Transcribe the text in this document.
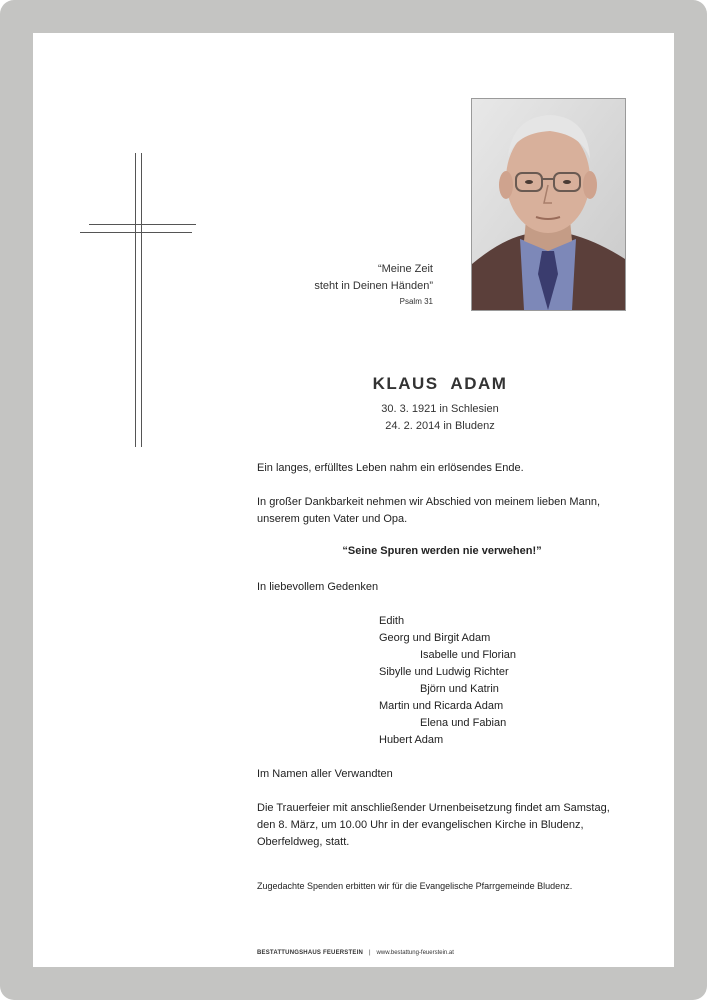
“Meine Zeit
steht in Deinen Händen”
Psalm 31
KLAUS  ADAM
30. 3. 1921 in Schlesien
24. 2. 2014 in Bludenz
Ein langes, erfülltes Leben nahm ein erlösendes Ende.
In großer Dankbarkeit nehmen wir Abschied von meinem lieben Mann,
unserem guten Vater und Opa.
“Seine Spuren werden nie verwehen!”
In liebevollem Gedenken
Edith
Georg und Birgit Adam
Isabelle und Florian
Sibylle und Ludwig Richter
Björn und Katrin
Martin und Ricarda Adam
Elena und Fabian
Hubert Adam
Im Namen aller Verwandten
Die Trauerfeier mit anschließender Urnenbeisetzung findet am Samstag,
den 8. März, um 10.00 Uhr in der evangelischen Kirche in Bludenz,
Oberfeldweg, statt.
Zugedachte Spenden erbitten wir für die Evangelische Pfarrgemeinde Bludenz.
BESTATTUNGSHAUS FEUERSTEIN | www.bestattung-feuerstein.at
